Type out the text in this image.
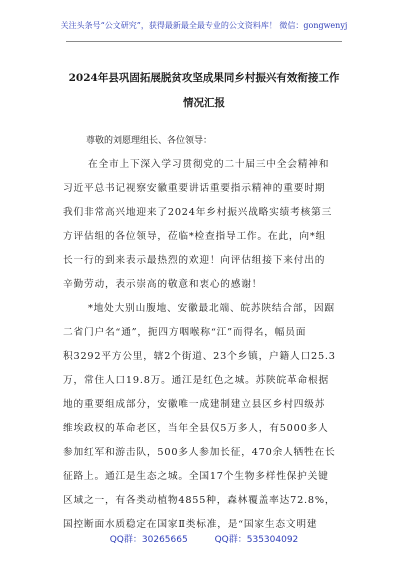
关注头条号“公文研究”，获得最新最全最专业的公文资料库！ 微信：gongwenyj
2024年县巩固拓展脱贫攻坚成果同乡村振兴有效衔接工作
情况汇报
尊敬的刘愿理组长、各位领导：
在全市上下深入学习贯彻党的二十届三中全会精神和
习近平总书记视察安徽重要讲话重要指示精神的重要时期
我们非常高兴地迎来了2024年乡村振兴战略实绩考核第三
方评估组的各位领导，莅临*检查指导工作。在此，向*组
长一行的到来表示最热烈的欢迎！向评估组接下来付出的
辛勤劳动，表示崇高的敬意和衷心的感谢！
*地处大别山腹地、安徽最北端、皖苏陕结合部，因踞
二省门户名“通”，扼四方咽喉称“江”而得名，幅员面
积3292平方公里，辖2个街道、23个乡镇，户籍人口25.3
万，常住人口19.8万。通江是红色之城。苏陕皖革命根据
地的重要组成部分，安徽唯一成建制建立县区乡村四级苏
维埃政权的革命老区，当年全县仅5万多人，有5000多人
参加红军和游击队，500多人参加长征，470余人牺牲在长
征路上。通江是生态之城。全国17个生物多样性保护关键
区域之一，有各类动植物4855种，森林覆盖率达72.8%，
国控断面水质稳定在国家Ⅱ类标准，是“国家生态文明建
QQ群：30265665	QQ群：535304092
